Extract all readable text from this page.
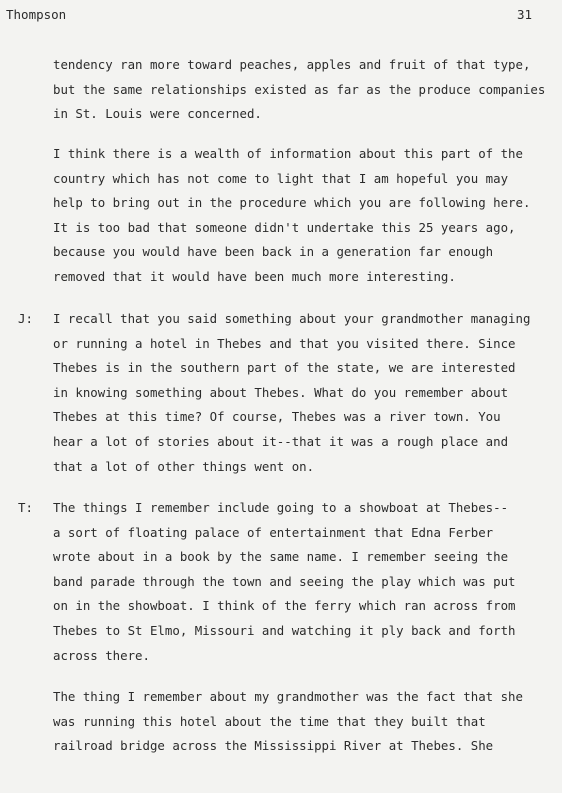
Thompson	31
tendency ran more toward peaches, apples and fruit of that type,
but the same relationships existed as far as the produce companies
in St. Louis were concerned.
I think there is a wealth of information about this part of the
country which has not come to light that I am hopeful you may
help to bring out in the procedure which you are following here.
It is too bad that someone didn't undertake this 25 years ago,
because you would have been back in a generation far enough
removed that it would have been much more interesting.
J: I recall that you said something about your grandmother managing
or running a hotel in Thebes and that you visited there. Since
Thebes is in the southern part of the state, we are interested
in knowing something about Thebes. What do you remember about
Thebes at this time? Of course, Thebes was a river town. You
hear a lot of stories about it--that it was a rough place and
that a lot of other things went on.
T: The things I remember include going to a showboat at Thebes--
a sort of floating palace of entertainment that Edna Ferber
wrote about in a book by the same name. I remember seeing the
band parade through the town and seeing the play which was put
on in the showboat. I think of the ferry which ran across from
Thebes to St Elmo, Missouri and watching it ply back and forth
across there.
The thing I remember about my grandmother was the fact that she
was running this hotel about the time that they built that
railroad bridge across the Mississippi River at Thebes. She
